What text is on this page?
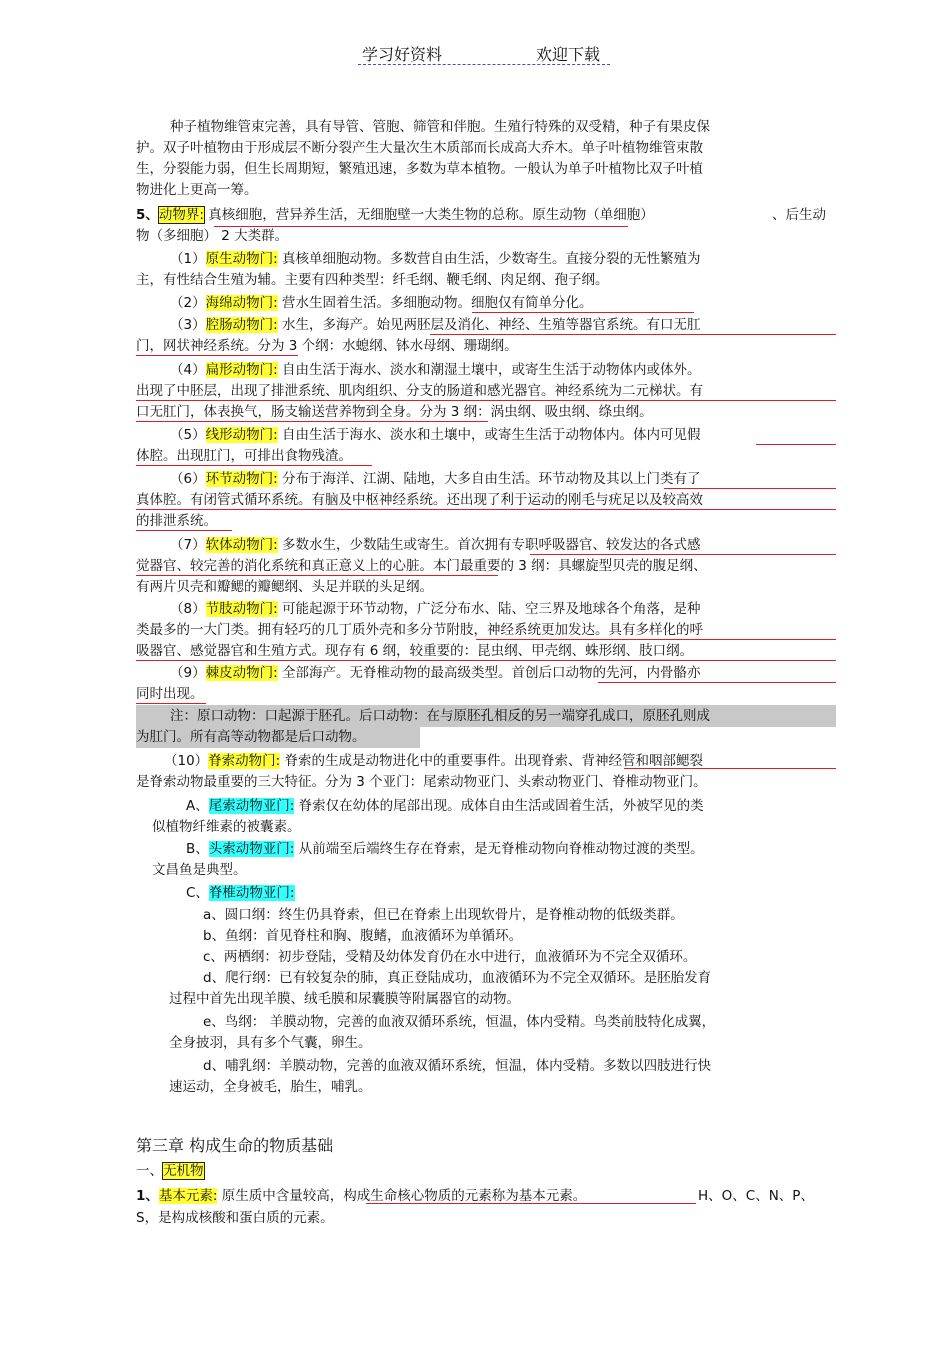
学习好资料	欢迎下载
种子植物维管束完善，具有导管、管胞、筛管和伴胞。生殖行特殊的双受精，种子有果皮保
护。双子叶植物由于形成层不断分裂产生大量次生木质部而长成高大乔木。单子叶植物维管束散
生，分裂能力弱，但生长周期短，繁殖迅速，多数为草本植物。一般认为单子叶植物比双子叶植
物进化上更高一筹。
5、动物界: 真核细胞，营异养生活，无细胞壁一大类生物的总称。原生动物（单细胞）	、后生动
物（多细胞） 2 大类群。
（1）原生动物门: 真核单细胞动物。多数营自由生活，少数寄生。直接分裂的无性繁殖为
主，有性结合生殖为辅。主要有四种类型：纤毛纲、鞭毛纲、肉足纲、孢子纲。
（2）海绵动物门: 营水生固着生活。多细胞动物。细胞仅有简单分化。
（3）腔肠动物门: 水生，多海产。始见两胚层及消化、神经、生殖等器官系统。有口无肛
门，网状神经系统。分为 3 个纲：水螅纲、钵水母纲、珊瑚纲。
（4）扁形动物门: 自由生活于海水、淡水和潮湿土壤中，或寄生生活于动物体内或体外。
出现了中胚层，出现了排泄系统、肌肉组织、分支的肠道和感光器官。神经系统为二元梯状。有
口无肛门，体表换气，肠支输送营养物到全身。分为 3 纲：涡虫纲、吸虫纲、绦虫纲。
（5）线形动物门: 自由生活于海水、淡水和土壤中，或寄生生活于动物体内。体内可见假
体腔。出现肛门，可排出食物残渣。
（6）环节动物门: 分布于海洋、江湖、陆地，大多自由生活。环节动物及其以上门类有了
真体腔。有闭管式循环系统。有脑及中枢神经系统。还出现了利于运动的刚毛与疣足以及较高效
的排泄系统。
（7）软体动物门: 多数水生，少数陆生或寄生。首次拥有专职呼吸器官、较发达的各式感
觉器官、较完善的消化系统和真正意义上的心脏。本门最重要的 3 纲：具螺旋型贝壳的腹足纲、
有两片贝壳和瓣鳃的瓣鳃纲、头足并联的头足纲。
（8）节肢动物门: 可能起源于环节动物，广泛分布水、陆、空三界及地球各个角落，是种
类最多的一大门类。拥有轻巧的几丁质外壳和多分节附肢，神经系统更加发达。具有多样化的呼
吸器官、感觉器官和生殖方式。现存有 6 纲，较重要的：昆虫纲、甲壳纲、蛛形纲、肢口纲。
（9）棘皮动物门: 全部海产。无脊椎动物的最高级类型。首创后口动物的先河，内骨骼亦
同时出现。
注：原口动物：口起源于胚孔。后口动物：在与原胚孔相反的另一端穿孔成口，原胚孔则成
为肛门。所有高等动物都是后口动物。
（10）脊索动物门: 脊索的生成是动物进化中的重要事件。出现脊索、背神经管和咽部鳃裂
是脊索动物最重要的三大特征。分为 3 个亚门：尾索动物亚门、头索动物亚门、脊椎动物亚门。
A、尾索动物亚门: 脊索仅在幼体的尾部出现。成体自由生活或固着生活，外被罕见的类
似植物纤维素的被囊素。
B、头索动物亚门: 从前端至后端终生存在脊索，是无脊椎动物向脊椎动物过渡的类型。
文昌鱼是典型。
C、脊椎动物亚门:
a、圆口纲：终生仍具脊索，但已在脊索上出现软骨片，是脊椎动物的低级类群。
b、鱼纲：首见脊柱和胸、腹鳍，血液循环为单循环。
c、两栖纲：初步登陆，受精及幼体发育仍在水中进行，血液循环为不完全双循环。
d、爬行纲：已有较复杂的肺，真正登陆成功，血液循环为不完全双循环。是胚胎发育
过程中首先出现羊膜、绒毛膜和尿囊膜等附属器官的动物。
e、鸟纲： 羊膜动物，完善的血液双循环系统，恒温，体内受精。鸟类前肢特化成翼，
全身披羽，具有多个气囊，卵生。
d、哺乳纲：羊膜动物，完善的血液双循环系统，恒温，体内受精。多数以四肢进行快
速运动，全身被毛，胎生，哺乳。
第三章 构成生命的物质基础
一、无机物
1、基本元素: 原生质中含量较高，构成生命核心物质的元素称为基本元素。	H、O、C、N、P、
S，是构成核酸和蛋白质的元素。
